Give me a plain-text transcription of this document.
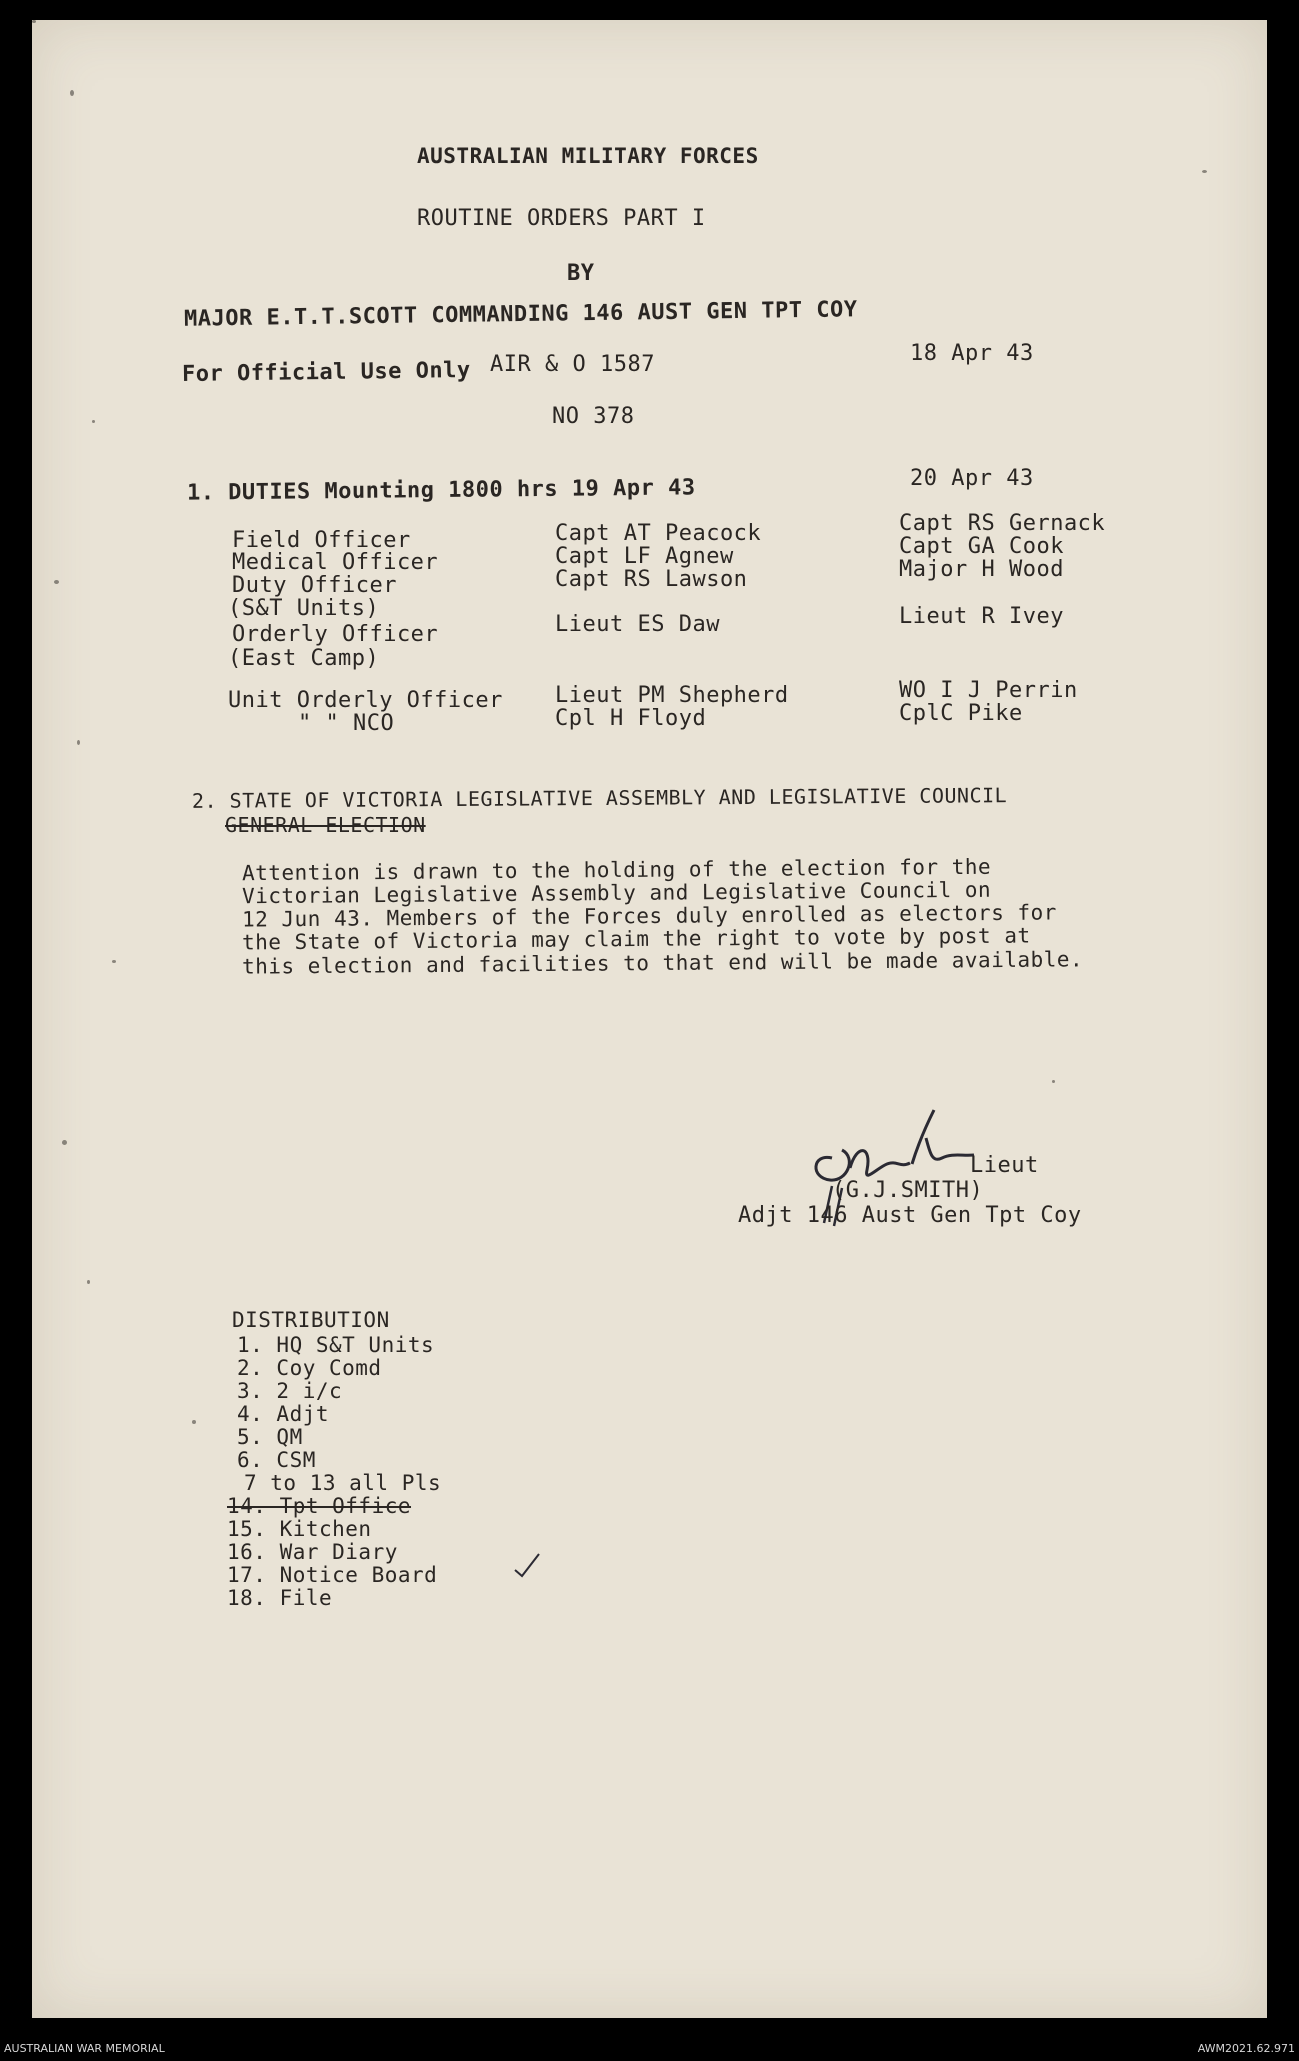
AUSTRALIAN MILITARY FORCES
ROUTINE ORDERS PART I
BY
MAJOR E.T.T.SCOTT COMMANDING 146 AUST GEN TPT COY
For Official Use Only AIR & O 1587	18 Apr 43
NO 378
1. DUTIES Mounting 1800 hrs 19 Apr 43	20 Apr 43
Field Officer	Capt AT Peacock	Capt RS Gernack
Medical Officer	Capt LF Agnew	Capt GA Cook
Duty Officer	Capt RS Lawson	Major H Wood
(S&T Units)
Orderly Officer	Lieut ES Daw	Lieut R Ivey
(East Camp)
Unit Orderly Officer Lieut PM Shepherd	WO I J Perrin
" " NCO	Cpl H Floyd	CplC Pike
2. STATE OF VICTORIA LEGISLATIVE ASSEMBLY AND LEGISLATIVE COUNCIL
GENERAL ELECTION
Attention is drawn to the holding of the election for the
Victorian Legislative Assembly and Legislative Council on
12 Jun 43. Members of the Forces duly enrolled as electors for
the State of Victoria may claim the right to vote by post at
this election and facilities to that end will be made available.
Lieut
(G.J.SMITH)
Adjt 146 Aust Gen Tpt Coy
DISTRIBUTION
1. HQ S&T Units
2. Coy Comd
3. 2 i/c
4. Adjt
5. QM
6. CSM
7 to 13 all Pls
14. Tpt Office
15. Kitchen
16. War Diary
17. Notice Board
18. File
AUSTRALIAN WAR MEMORIAL	AWM2021.62.971
